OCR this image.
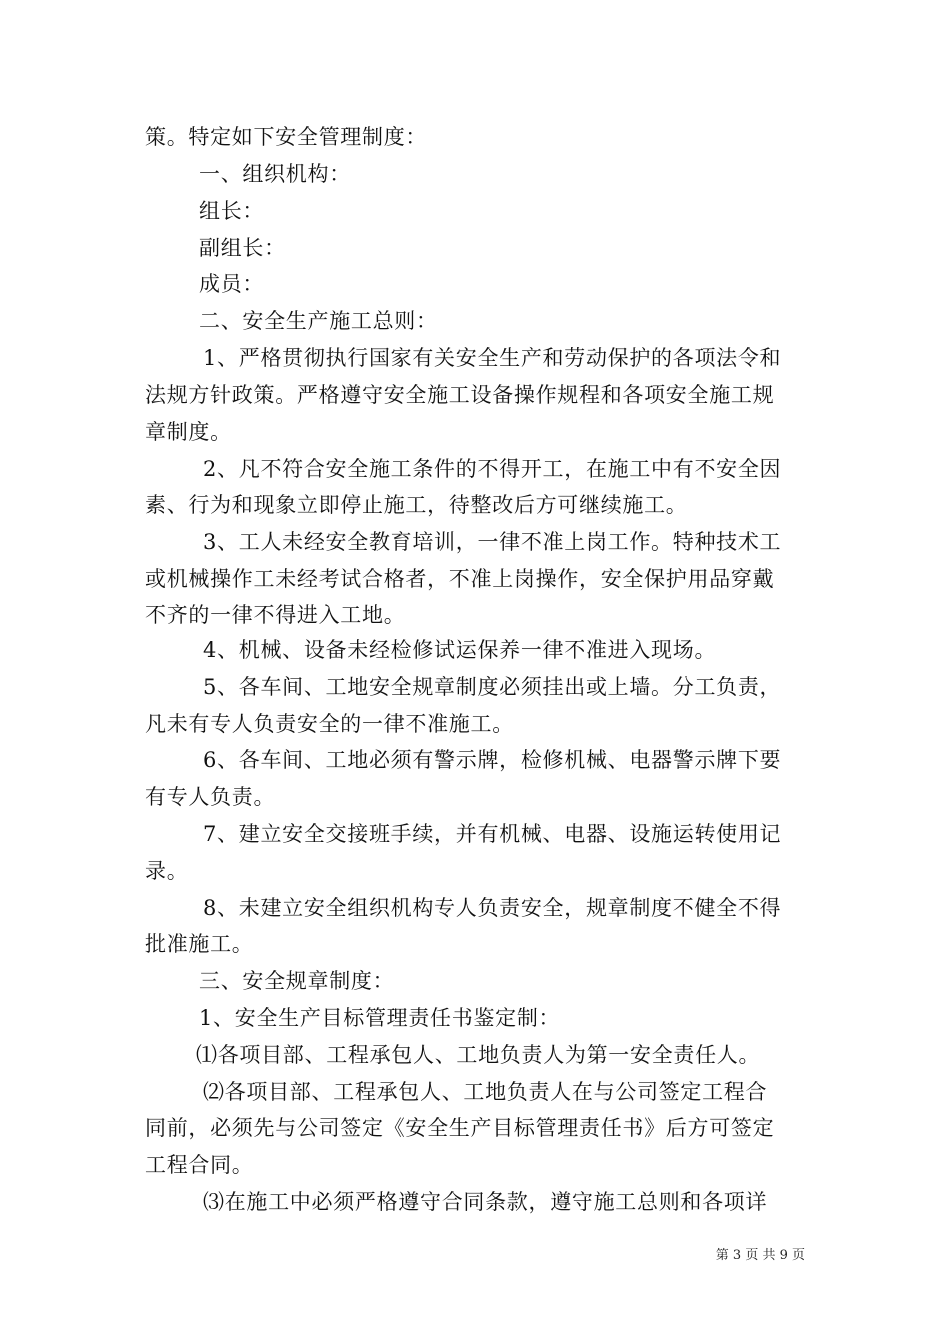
策。特定如下安全管理制度：
一、组织机构：
组长：
副组长：
成员：
二、安全生产施工总则：
1、严格贯彻执行国家有关安全生产和劳动保护的各项法令和
法规方针政策。严格遵守安全施工设备操作规程和各项安全施工规
章制度。
2、凡不符合安全施工条件的不得开工，在施工中有不安全因
素、行为和现象立即停止施工，待整改后方可继续施工。
3、工人未经安全教育培训，一律不准上岗工作。特种技术工
或机械操作工未经考试合格者，不准上岗操作，安全保护用品穿戴
不齐的一律不得进入工地。
4、机械、设备未经检修试运保养一律不准进入现场。
5、各车间、工地安全规章制度必须挂出或上墙。分工负责，
凡未有专人负责安全的一律不准施工。
6、各车间、工地必须有警示牌，检修机械、电器警示牌下要
有专人负责。
7、建立安全交接班手续，并有机械、电器、设施运转使用记
录。
8、未建立安全组织机构专人负责安全，规章制度不健全不得
批准施工。
三、安全规章制度：
1、安全生产目标管理责任书鉴定制：
⑴各项目部、工程承包人、工地负责人为第一安全责任人。
⑵各项目部、工程承包人、工地负责人在与公司签定工程合
同前，必须先与公司签定《安全生产目标管理责任书》后方可签定
工程合同。
⑶在施工中必须严格遵守合同条款，遵守施工总则和各项详
第 3 页 共 9 页
